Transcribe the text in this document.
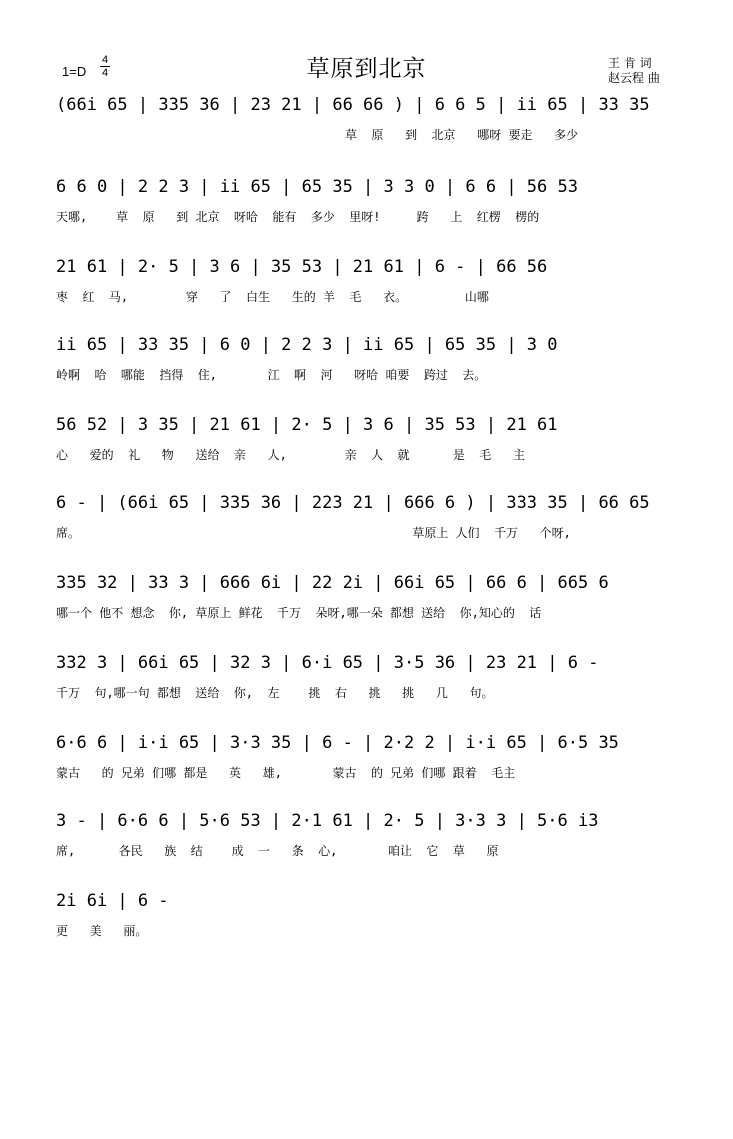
1=D
4
4	草原到北京	王 肯 词
赵云程 曲
(66i 65 | 335 36 | 23 21 | 66 66 ) | 6 6 5 | ii 65 | 33 35
草  原   到  北京   哪呀 要走   多少
6 6 0 | 2 2 3 | ii 65 | 65 35 | 3 3 0 | 6 6 | 56 53
天哪,    草  原   到 北京  呀哈  能有  多少  里呀!     跨   上  红楞  楞的
21 61 | 2· 5 | 3 6 | 35 53 | 21 61 | 6 - | 66 56
枣  红  马,        穿   了  白生   生的 羊  毛   衣。        山哪
ii 65 | 33 35 | 6 0 | 2 2 3 | ii 65 | 65 35 | 3 0
岭啊  哈  哪能  挡得  住,       江  啊  河   呀哈 咱要  跨过  去。
56 52 | 3 35 | 21 61 | 2· 5 | 3 6 | 35 53 | 21 61
心   爱的  礼   物   送给  亲   人,        亲  人  就      是  毛   主
6 - | (66i 65 | 335 36 | 223 21 | 666 6 ) | 333 35 | 66 65
席。                                              草原上 人们  千万   个呀,
335 32 | 33 3 | 666 6i | 22 2i | 66i 65 | 66 6 | 665 6
哪一个 他不 想念  你, 草原上 鲜花  千万  朵呀,哪一朵 都想 送给  你,知心的  话
332 3 | 66i 65 | 32 3 | 6·i 65 | 3·5 36 | 23 21 | 6 -
千万  句,哪一句 都想  送给  你,  左    挑  右   挑   挑   几   句。
6·6 6 | i·i 65 | 3·3 35 | 6 - | 2·2 2 | i·i 65 | 6·5 35
蒙古   的 兄弟 们哪 都是   英   雄,       蒙古  的 兄弟 们哪 跟着  毛主
3 - | 6·6 6 | 5·6 53 | 2·1 61 | 2· 5 | 3·3 3 | 5·6 i3
席,      各民   族  结    成  一   条  心,       咱让  它  草   原
2i 6i | 6 -
更   美   丽。
